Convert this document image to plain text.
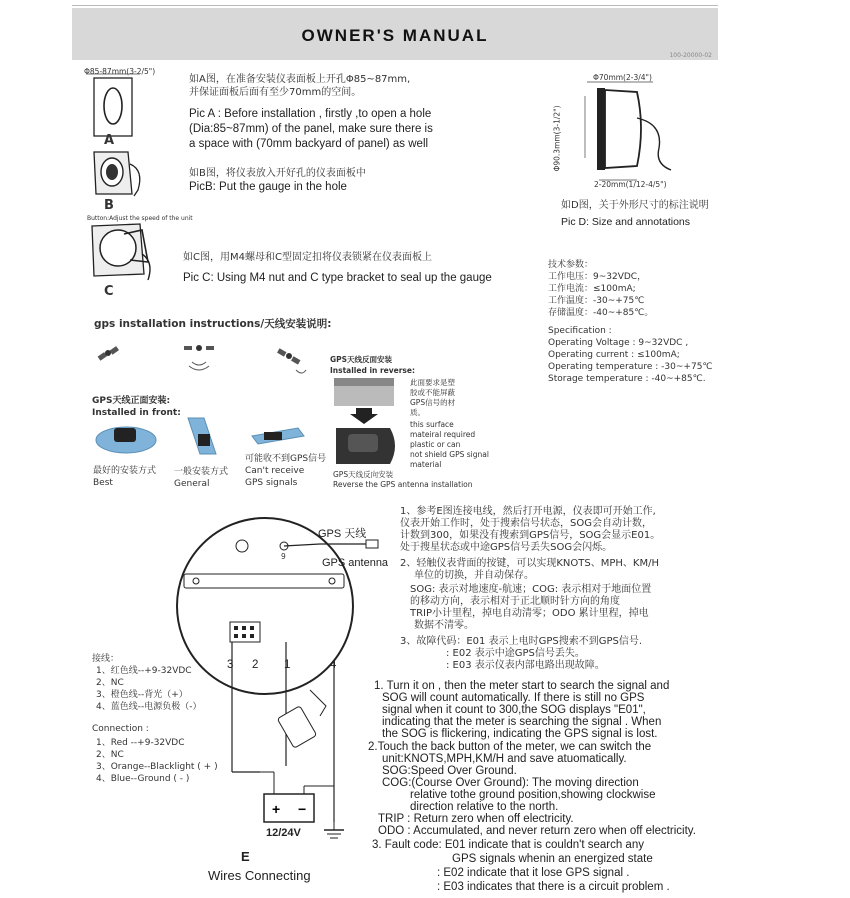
OWNER'S MANUAL
100-20000-02
Φ85-87mm(3-2/5")
A
B
Button:Adjust the speed of the unit
C
如A图，在准备安装仪表面板上开孔Φ85~87mm,
并保证面板后面有至少70mm的空间。
Pic A : Before installation , firstly ,to open a hole
(Dia:85~87mm) of the panel, make sure there is
a space with (70mm backyard of panel) as well
如B图，将仪表放入开好孔的仪表面板中
PicB: Put the gauge in the hole
如C图，用M4螺母和C型固定扣将仪表锁紧在仪表面板上
Pic C: Using M4 nut and C type bracket to seal up the gauge
Φ70mm(2-3/4")
Φ90.3mm(3-1/2")
2-20mm(1/12-4/5")
如D图，关于外形尺寸的标注说明
Pic D: Size and annotations
技术参数：
工作电压：9~32VDC，
工作电流：≤100mA;
工作温度：-30~+75℃
存储温度：-40~+85℃。
Specification :
Operating Voltage : 9~32VDC ,
Operating current : ≤100mA;
Operating temperature : -30~+75℃
Storage temperature : -40~+85℃.
gps installation instructions/天线安装说明:
GPS天线正面安装:
Installed in front:
最好的安装方式
Best
一般安装方式
General
可能收不到GPS信号
Can't receive
GPS signals
GPS天线反面安装
Installed in reverse:
此面要求是塑
胶或不能屏蔽
GPS信号的材
质。
this surface
mateiral required
plastic or can
not shield GPS signal
material
GPS天线反向安装
Reverse the GPS antenna installation
+ −
GPS 天线
GPS antenna
9
3 2 1	4
12/24V
E
Wires Connecting
接线：
1、红色线--+9-32VDC
2、NC
3、橙色线--背光（+）
4、蓝色线--电源负极（-）
Connection :
1、Red --+9-32VDC
2、NC
3、Orange--Blacklight ( + )
4、Blue--Ground ( - )
1、参考E图连接电线，然后打开电源，仪表即可开始工作,
仪表开始工作时，处于搜索信号状态，SOG会自动计数，
计数到300，如果没有搜索到GPS信号，SOG会显示E01。
处于搜星状态或中途GPS信号丢失SOG会闪烁。
2、轻触仪表背面的按键，可以实现KNOTS、MPH、KM/H
单位的切换，并自动保存。
SOG: 表示对地速度-航速；COG: 表示相对于地面位置
的移动方向，表示相对于正北顺时针方向的角度
TRIP小计里程，掉电自动清零；ODO 累计里程，掉电
数据不清零。
3、故障代码：E01 表示上电时GPS搜索不到GPS信号.
: E02 表示中途GPS信号丢失。
: E03 表示仪表内部电路出现故障。
1. Turn it on , then the meter start to search the signal and
SOG will count automatically. If there is still no GPS
signal when it count to 300,the SOG displays "E01",
indicating that the meter is searching the signal . When
the SOG is flickering, indicating the GPS signal is lost.
2.Touch the back button of the meter, we can switch the
unit:KNOTS,MPH,KM/H and save atuomatically.
SOG:Speed Over Ground.
COG:(Course Over Ground): The moving direction
relative tothe ground position,showing clockwise
direction relative to the north.
TRIP : Return zero when off electricity.
ODO : Accumulated, and never return zero when off electricity.
3. Fault code: E01 indicate that is couldn't search any
GPS signals whenin an energized state
: E02 indicate that it lose GPS signal .
: E03 indicates that there is a circuit problem .
